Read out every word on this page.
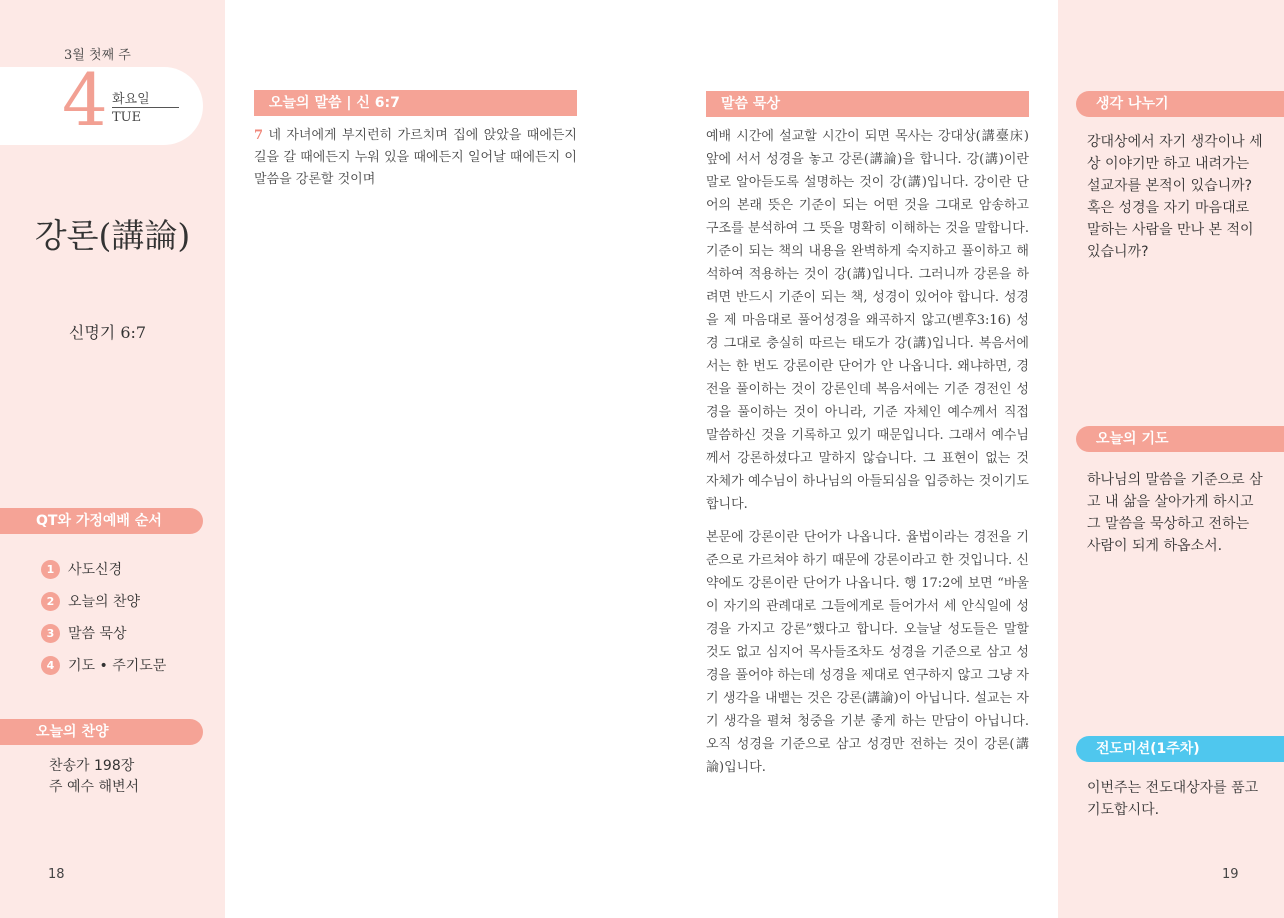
3월 첫째 주
4 화요일
TUE
강론(講論)
신명기 6:7
QT와 가정예배 순서
1 사도신경
2 오늘의 찬양
3 말씀 묵상
4 기도 • 주기도문
오늘의 찬양
찬송가 198장
주 예수 해변서
18
오늘의 말씀 | 신 6:7
7 네 자녀에게 부지런히 가르치며 집에 앉았을 때에든지 길을 갈 때에든지 누워 있을 때에든지 일어날 때에든지 이 말씀을 강론할 것이며
말씀 묵상

예배 시간에 설교할 시간이 되면 목사는 강대상(講臺床) 앞에 서서 성경을 놓고 강론(講論)을 합니다. 강(講)이란 말로 알아듣도록 설명하는 것이 강(講)입니다. 강이란 단어의 본래 뜻은 기준이 되는 어떤 것을 그대로 암송하고 구조를 분석하여 그 뜻을 명확히 이해하는 것을 말합니다. 기준이 되는 책의 내용을 완벽하게 숙지하고 풀이하고 해석하여 적용하는 것이 강(講)입니다. 그러니까 강론을 하려면 반드시 기준이 되는 책, 성경이 있어야 합니다. 성경을 제 마음대로 풀어성경을 왜곡하지 않고(벧후3:16) 성경 그대로 충실히 따르는 태도가 강(講)입니다. 복음서에서는 한 번도 강론이란 단어가 안 나옵니다. 왜냐하면, 경전을 풀이하는 것이 강론인데 복음서에는 기준 경전인 성경을 풀이하는 것이 아니라, 기준 자체인 예수께서 직접 말씀하신 것을 기록하고 있기 때문입니다. 그래서 예수님께서 강론하셨다고 말하지 않습니다. 그 표현이 없는 것 자체가 예수님이 하나님의 아들되심을 입증하는 것이기도 합니다.

본문에 강론이란 단어가 나옵니다. 율법이라는 경전을 기준으로 가르쳐야 하기 때문에 강론이라고 한 것입니다. 신약에도 강론이란 단어가 나옵니다. 행 17:2에 보면 “바울이 자기의 관례대로 그들에게로 들어가서 세 안식일에 성경을 가지고 강론”했다고 합니다. 오늘날 성도들은 말할 것도 없고 심지어 목사들조차도 성경을 기준으로 삼고 성경을 풀어야 하는데 성경을 제대로 연구하지 않고 그냥 자기 생각을 내뱉는 것은 강론(講論)이 아닙니다. 설교는 자기 생각을 펼쳐 청중을 기분 좋게 하는 만담이 아닙니다. 오직 성경을 기준으로 삼고 성경만 전하는 것이 강론(講論)입니다.

생각 나누기
강대상에서 자기 생각이나 세상 이야기만 하고 내려가는 설교자를 본적이 있습니까? 혹은 성경을 자기 마음대로 말하는 사람을 만나 본 적이 있습니까?
오늘의 기도
하나님의 말씀을 기준으로 삼고 내 삶을 살아가게 하시고 그 말씀을 묵상하고 전하는 사람이 되게 하옵소서.
전도미션(1주차)
이번주는 전도대상자를 품고 기도합시다.
19
